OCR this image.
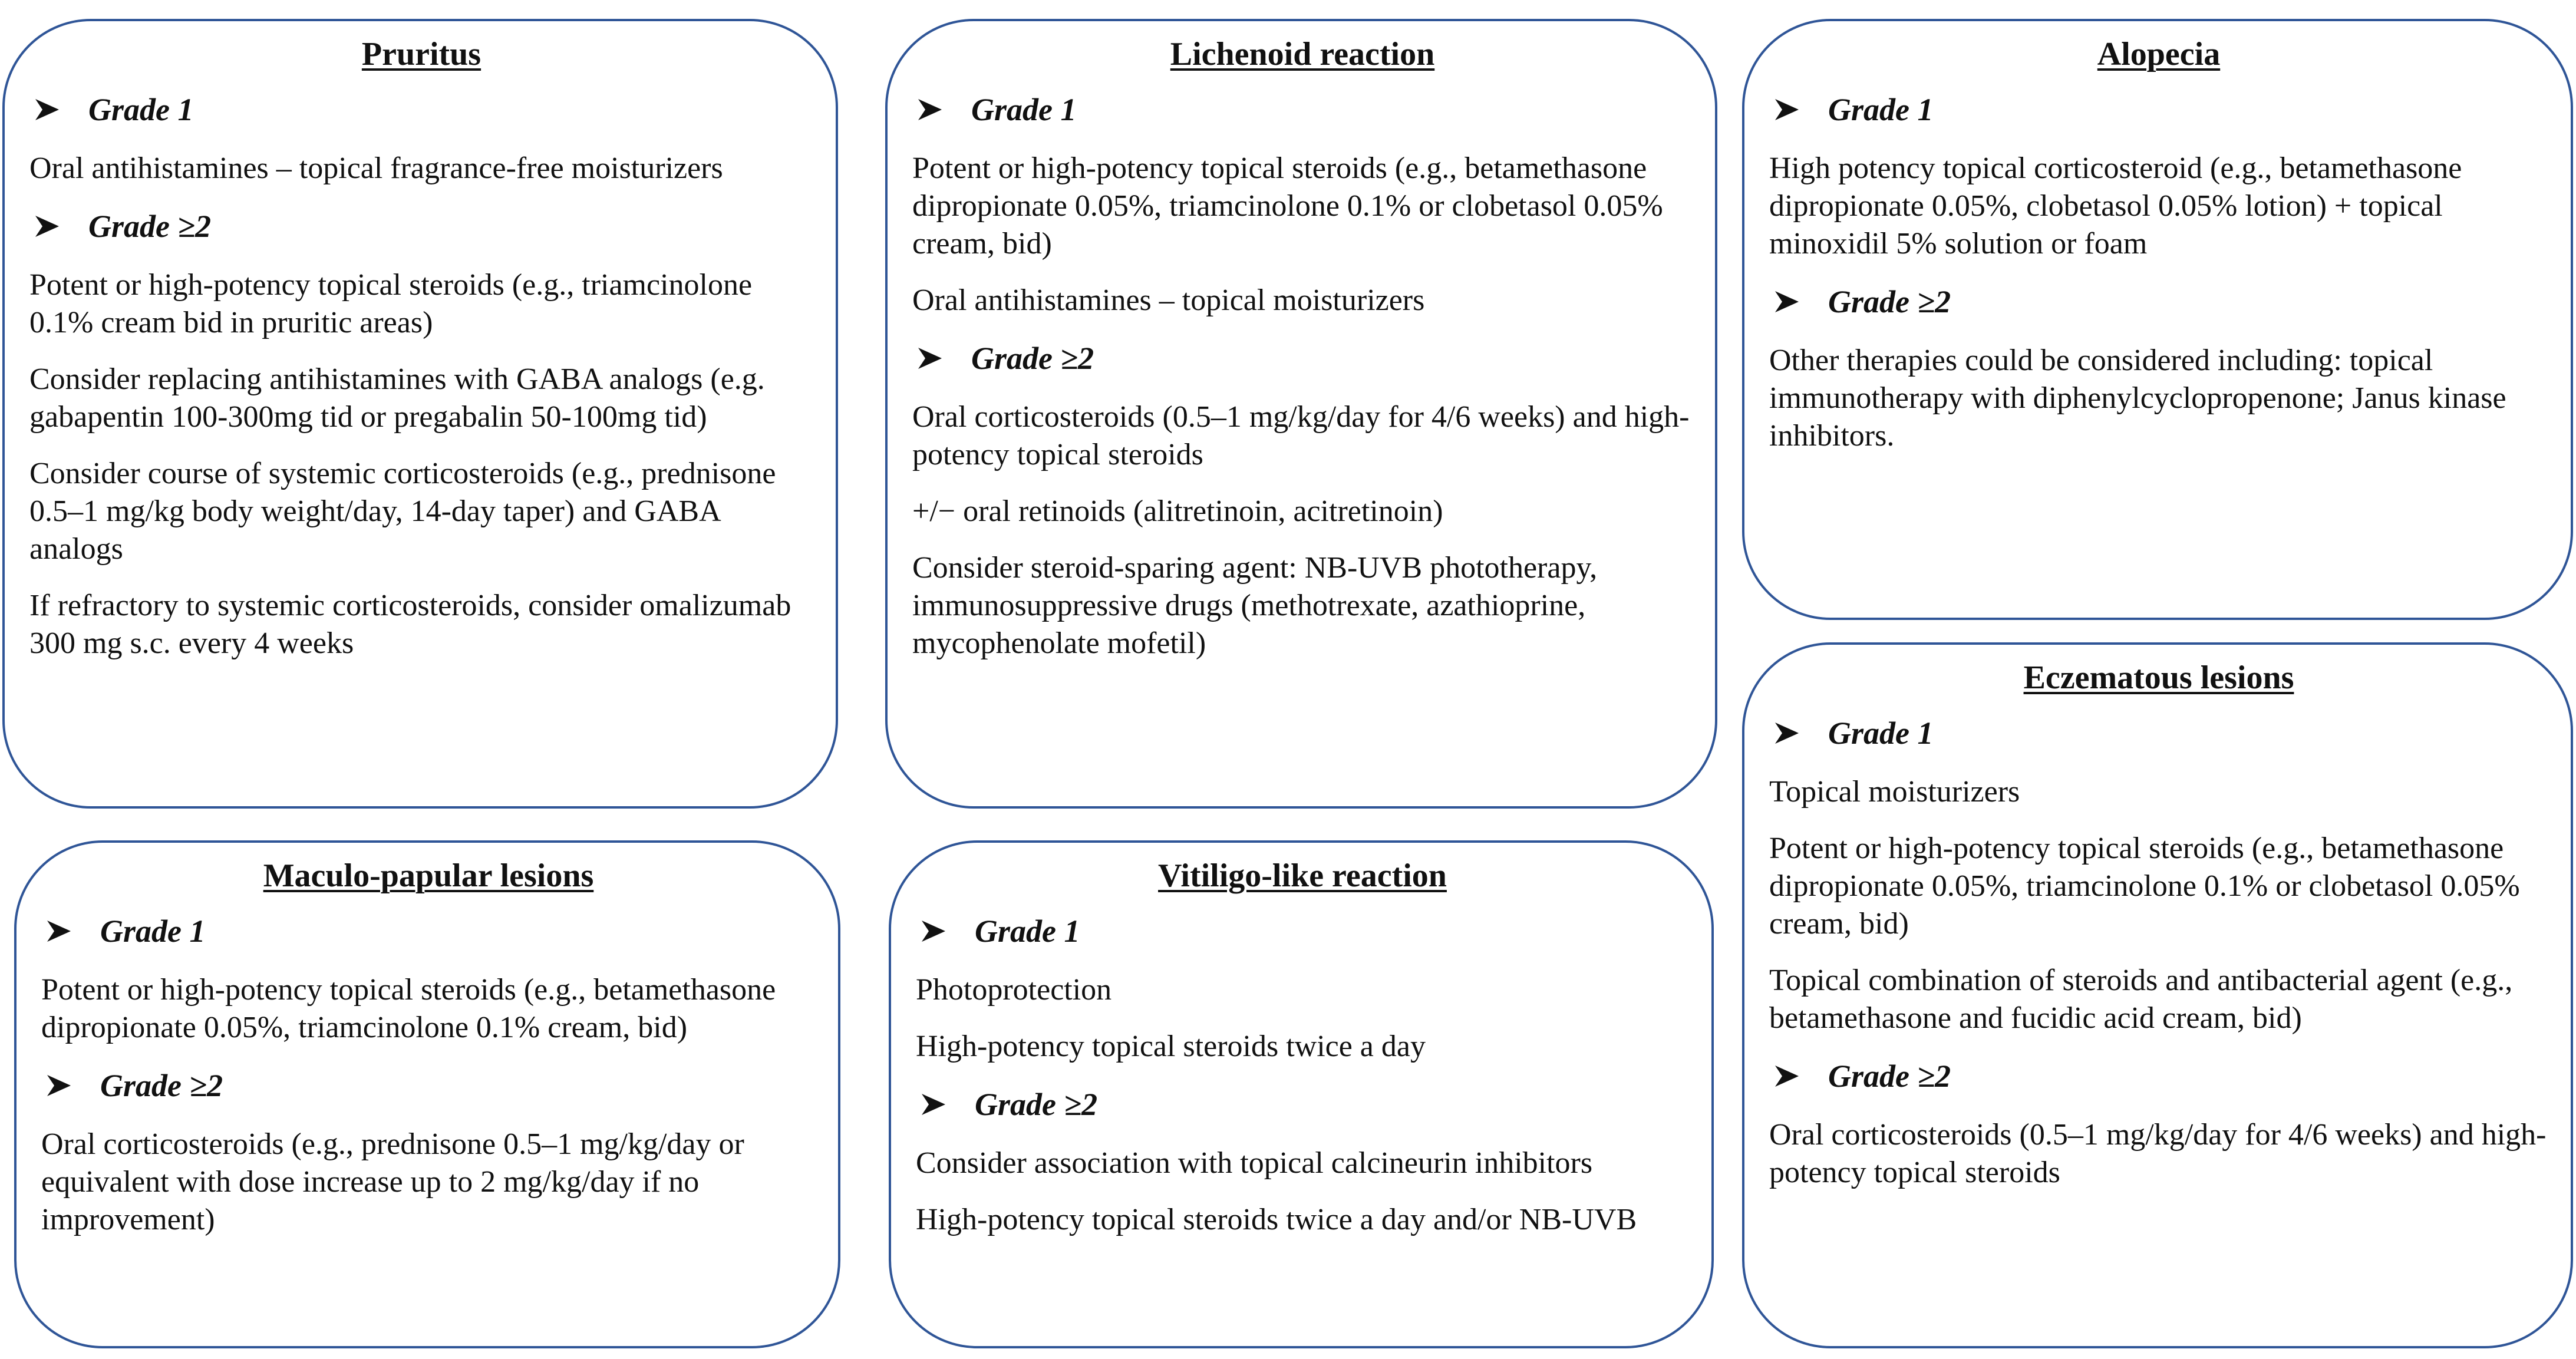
Pruritus
Grade 1

Oral antihistamines – topical fragrance-free moisturizers

Grade ≥2

Potent or high-potency topical steroids (e.g., triamcinolone 0.1% cream bid in pruritic areas)

Consider replacing antihistamines with GABA analogs (e.g. gabapentin 100-300mg tid or pregabalin 50-100mg tid)

Consider course of systemic corticosteroids (e.g., prednisone 0.5–1 mg/kg body weight/day, 14-day taper) and GABA analogs

If refractory to systemic corticosteroids, consider omalizumab 300 mg s.c. every 4 weeks

Lichenoid reaction
Grade 1

Potent or high-potency topical steroids (e.g., betamethasone dipropionate 0.05%, triamcinolone 0.1% or clobetasol 0.05% cream, bid)

Oral antihistamines – topical moisturizers

Grade ≥2

Oral corticosteroids (0.5–1 mg/kg/day for 4/6 weeks) and high-potency topical steroids

+/− oral retinoids (alitretinoin, acitretinoin)

Consider steroid-sparing agent: NB-UVB phototherapy, immunosuppressive drugs (methotrexate, azathioprine, mycophenolate mofetil)

Alopecia
Grade 1

High potency topical corticosteroid (e.g., betamethasone dipropionate 0.05%, clobetasol 0.05% lotion) + topical minoxidil 5% solution or foam

Grade ≥2

Other therapies could be considered including: topical immunotherapy with diphenylcyclopropenone; Janus kinase inhibitors.

Maculo-papular lesions
Grade 1

Potent or high-potency topical steroids (e.g., betamethasone dipropionate 0.05%, triamcinolone 0.1% cream, bid)

Grade ≥2

Oral corticosteroids (e.g., prednisone 0.5–1 mg/kg/day or equivalent with dose increase up to 2 mg/kg/day if no improvement)

Vitiligo-like reaction
Grade 1

Photoprotection

High-potency topical steroids twice a day

Grade ≥2

Consider association with topical calcineurin inhibitors

High-potency topical steroids twice a day and/or NB-UVB

Eczematous lesions
Grade 1

Topical moisturizers

Potent or high-potency topical steroids (e.g., betamethasone dipropionate 0.05%, triamcinolone 0.1% or clobetasol 0.05% cream, bid)

Topical combination of steroids and antibacterial agent (e.g., betamethasone and fucidic acid cream, bid)

Grade ≥2

Oral corticosteroids (0.5–1 mg/kg/day for 4/6 weeks) and high-potency topical steroids
